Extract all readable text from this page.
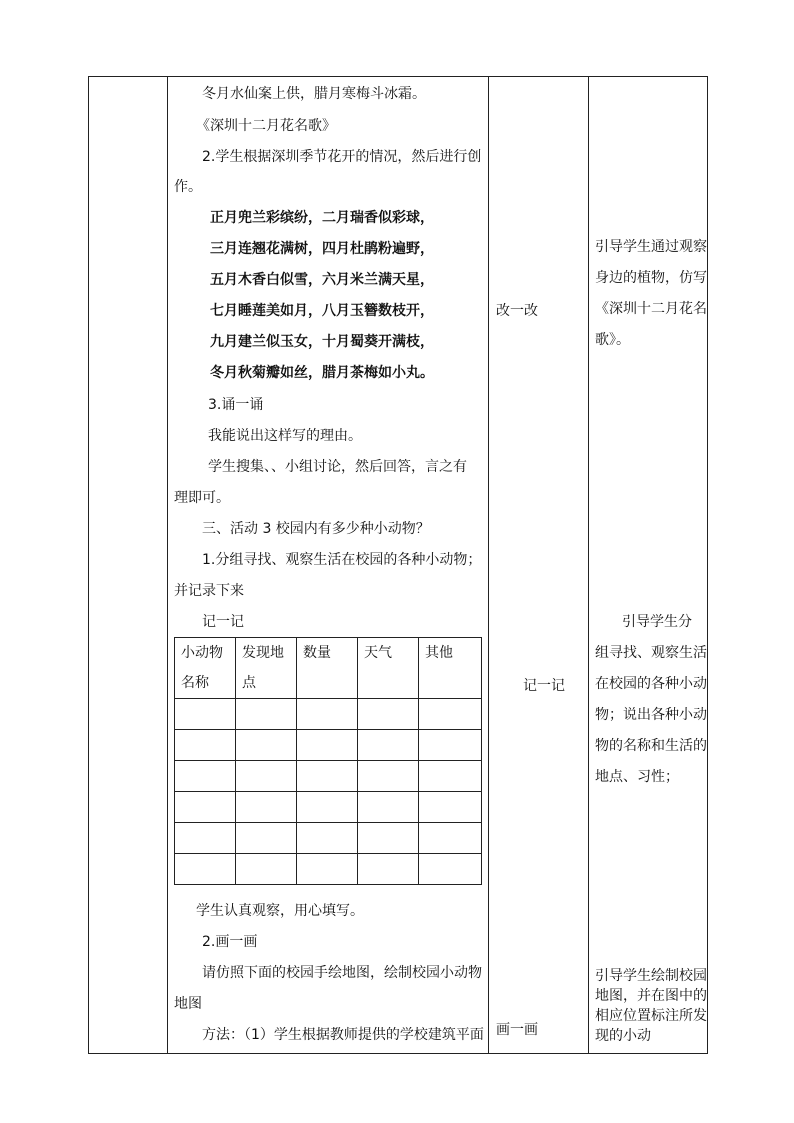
冬月水仙案上供，腊月寒梅斗冰霜。
《深圳十二月花名歌》
2.学生根据深圳季节花开的情况，然后进行创
作。
正月兜兰彩缤纷，二月瑞香似彩球，
三月连翘花满树，四月杜鹃粉遍野，
五月木香白似雪，六月米兰满天星，
七月睡莲美如月，八月玉簪数枝开，
九月建兰似玉女，十月蜀葵开满枝，
冬月秋菊瓣如丝，腊月茶梅如小丸。
3.诵一诵
我能说出这样写的理由。
学生搜集、、小组讨论，然后回答，言之有
理即可。
三、活动 3 校园内有多少种小动物？
1.分组寻找、观察生活在校园的各种小动物；
并记录下来
记一记
小动物名称	发现地点	数量	天气	其他

学生认真观察，用心填写。
2.画一画
请仿照下面的校园手绘地图，绘制校园小动物
地图
方法：（1）学生根据教师提供的学校建筑平面
改一改
记一记
画一画
引导学生通过观察身边的植物，仿写《深圳十二月花名歌》。
引导学生分
组寻找、观察生活在校园的各种小动物；说出各种小动物的名称和生活的地点、习性；
引导学生绘制校园地图，并在图中的相应位置标注所发现的小动
